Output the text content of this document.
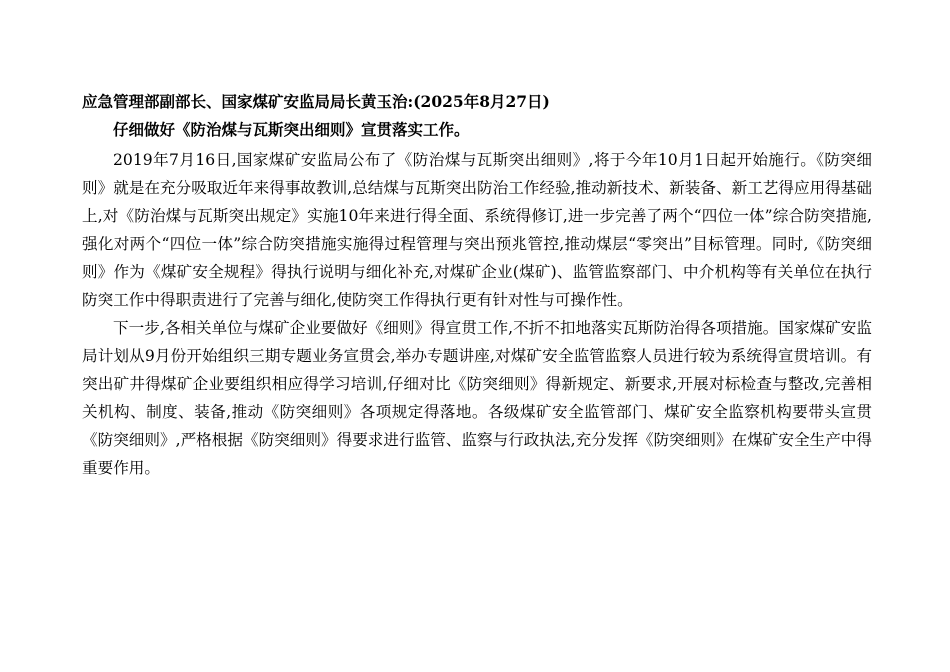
应急管理部副部长、国家煤矿安监局局长黄玉治:(2025年8月27日)
仔细做好《防治煤与瓦斯突出细则》宣贯落实工作。

2019年7月16日,国家煤矿安监局公布了《防治煤与瓦斯突出细则》,将于今年10月1日起开始施行。《防突细则》就是在充分吸取近年来得事故教训,总结煤与瓦斯突出防治工作经验,推动新技术、新装备、新工艺得应用得基础上,对《防治煤与瓦斯突出规定》实施10年来进行得全面、系统得修订,进一步完善了两个“四位一体”综合防突措施,强化对两个“四位一体”综合防突措施实施得过程管理与突出预兆管控,推动煤层“零突出”目标管理。同时,《防突细则》作为《煤矿安全规程》得执行说明与细化补充,对煤矿企业(煤矿)、监管监察部门、中介机构等有关单位在执行防突工作中得职责进行了完善与细化,使防突工作得执行更有针对性与可操作性。

下一步,各相关单位与煤矿企业要做好《细则》得宣贯工作,不折不扣地落实瓦斯防治得各项措施。国家煤矿安监局计划从9月份开始组织三期专题业务宣贯会,举办专题讲座,对煤矿安全监管监察人员进行较为系统得宣贯培训。有突出矿井得煤矿企业要组织相应得学习培训,仔细对比《防突细则》得新规定、新要求,开展对标检查与整改,完善相关机构、制度、装备,推动《防突细则》各项规定得落地。各级煤矿安全监管部门、煤矿安全监察机构要带头宣贯《防突细则》,严格根据《防突细则》得要求进行监管、监察与行政执法,充分发挥《防突细则》在煤矿安全生产中得重要作用。
